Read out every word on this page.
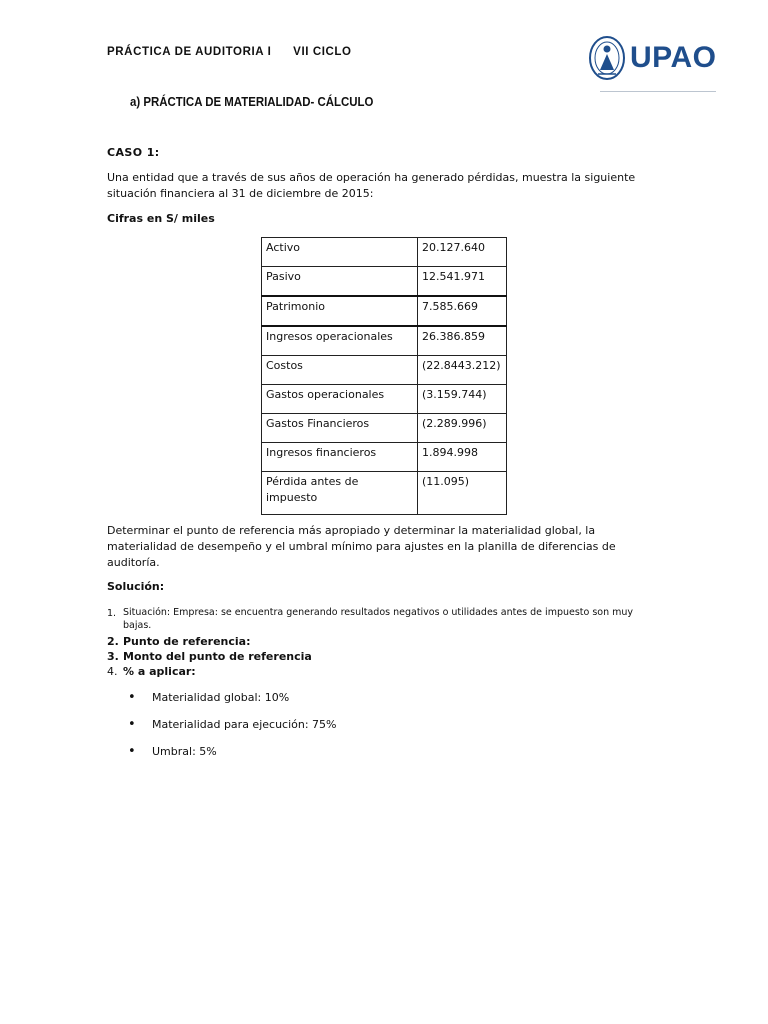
PRÁCTICA DE AUDITORIA I VII CICLO	UPAO
a) PRÁCTICA DE MATERIALIDAD- CÁLCULO
CASO 1:
Una entidad que a través de sus años de operación ha generado pérdidas, muestra la siguiente
situación financiera al 31 de diciembre de 2015:
Cifras en S/ miles
Activo	20.127.640
Pasivo	12.541.971
Patrimonio	7.585.669
Ingresos operacionales	26.386.859
Costos	(22.8443.212)
Gastos operacionales	(3.159.744)
Gastos Financieros	(2.289.996)
Ingresos financieros	1.894.998
Pérdida antes de impuesto	(11.095)
Determinar el punto de referencia más apropiado y determinar la materialidad global, la
materialidad de desempeño y el umbral mínimo para ajustes en la planilla de diferencias de
auditoría.
Solución:
1. Situación: Empresa: se encuentra generando resultados negativos o utilidades antes de impuesto son muy
bajas.
2. Punto de referencia:
3. Monto del punto de referencia
4. % a aplicar:
• Materialidad global: 10%
• Materialidad para ejecución: 75%
• Umbral: 5%
